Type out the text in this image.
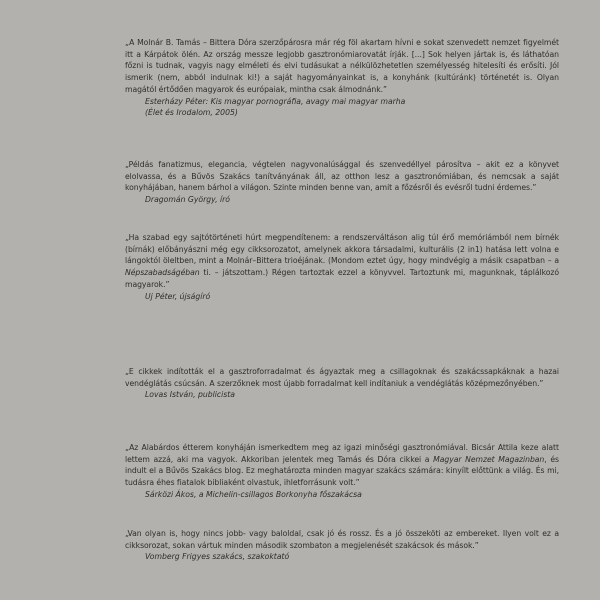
„A Molnár B. Tamás – Bittera Dóra szerzőpárosra már rég föl akartam hívni e sokat szenvedett nemzet figyelmét itt a Kárpátok ölén. Az ország messze legjobb gasztronómiarovatát írják. [...] Sok helyen jártak is, és láthatóan főzni is tudnak, vagyis nagy elméleti és elvi tudásukat a nélkülözhetetlen személyesség hitelesíti és erősíti. Jól ismerik (nem, abból indulnak ki!) a saját hagyományainkat is, a konyhánk (kultúránk) történetét is. Olyan magától értődően magyarok és európaiak, mintha csak álmodnánk.”

Esterházy Péter: Kis magyar pornográfia, avagy mai magyar marha

(Élet és Irodalom, 2005)

„Példás fanatizmus, elegancia, végtelen nagyvonalúsággal és szenvedéllyel párosítva – akit ez a könyvet elolvassa, és a Bűvös Szakács tanítványának áll, az otthon lesz a gasztronómiában, és nemcsak a saját konyhájában, hanem bárhol a világon. Szinte minden benne van, amit a főzésről és evésről tudni érdemes.”

Dragomán György, író

„Ha szabad egy sajtótörténeti húrt megpendítenem: a rendszerváltáson alig túl érő memóriámból nem bírnék (bírnák) előbányászni még egy cikksorozatot, amelynek akkora társadalmi, kulturális (2 in1) hatása lett volna e lángoktól öleltben, mint a Molnár–Bittera trioéjának. (Mondom eztet úgy, hogy mindvégig a másik csapatban – a Népszabadságéban ti. – játszottam.) Régen tartoztak ezzel a könyvvel. Tartoztunk mi, magunknak, táplálkozó magyarok.”

Uj Péter, újságíró

„E cikkek indították el a gasztroforradalmat és ágyaztak meg a csillagoknak és szakácssapkáknak a hazai vendéglátás csúcsán. A szerzőknek most újabb forradalmat kell indítaniuk a vendéglátás középmezőnyében.”

Lovas István, publicista

„Az Alabárdos étterem konyháján ismerkedtem meg az igazi minőségi gasztronómiával. Bicsár Attila keze alatt lettem azzá, aki ma vagyok. Akkoriban jelentek meg Tamás és Dóra cikkei a Magyar Nemzet Magazinban, és indult el a Bűvös Szakács blog. Ez meghatározta minden magyar szakács számára: kinyílt előttünk a világ. És mi, tudásra éhes fiatalok bibliaként olvastuk, ihletforrásunk volt.”

Sárközi Ákos, a Michelin-csillagos Borkonyha főszakácsa

„Van olyan is, hogy nincs jobb- vagy baloldal, csak jó és rossz. És a jó összeköti az embereket. Ilyen volt ez a cikksorozat, sokan vártuk minden második szombaton a megjelenését szakácsok és mások.”

Vomberg Frigyes szakács, szakoktató
